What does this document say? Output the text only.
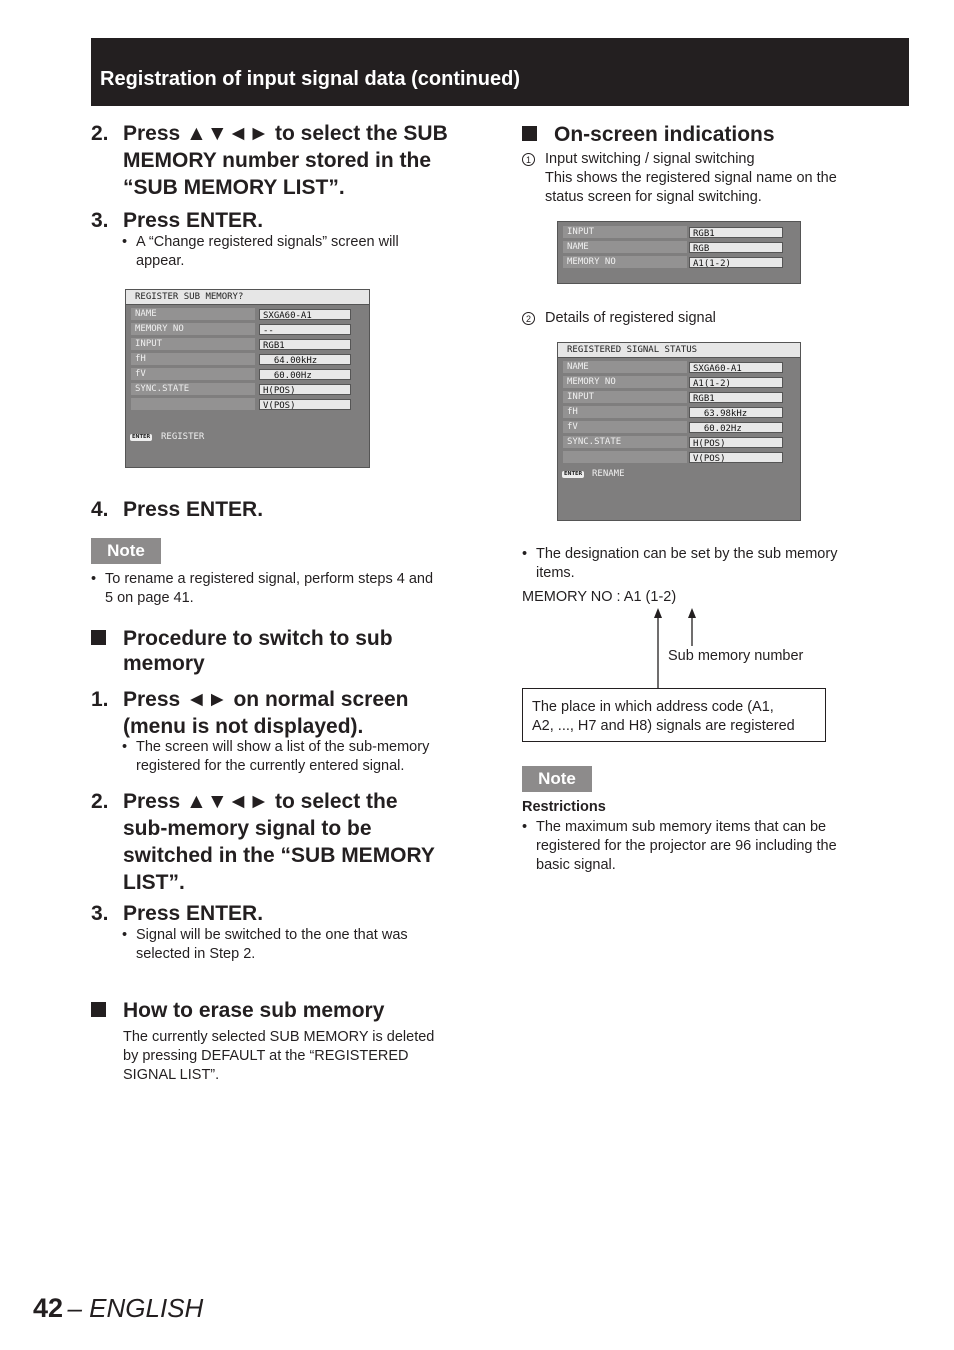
Registration of input signal data (continued)
2. Press ▲▼◄► to select the SUB
MEMORY number stored in the
“SUB MEMORY LIST”.
3. Press ENTER.
• A “Change registered signals” screen will
appear.
REGISTER SUB MEMORY?
NAME	SXGA60-A1
MEMORY NO	--
INPUT	RGB1
fH	64.00kHz
fV	60.00Hz
SYNC.STATE	H(POS)
V(POS)
ENTER REGISTER
4. Press ENTER.
Note
• To rename a registered signal, perform steps 4 and
5 on page 41.
Procedure to switch to sub
memory
1. Press ◄► on normal screen
(menu is not displayed).
• The screen will show a list of the sub-memory
registered for the currently entered signal.
2. Press ▲▼◄► to select the
sub-memory signal to be
switched in the “SUB MEMORY
LIST”.
3. Press ENTER.
• Signal will be switched to the one that was
selected in Step 2.
How to erase sub memory
The currently selected SUB MEMORY is deleted
by pressing DEFAULT at the “REGISTERED
SIGNAL LIST”.
On-screen indications
1 Input switching / signal switching
This shows the registered signal name on the
status screen for signal switching.
INPUT	RGB1
NAME	RGB
MEMORY NO	A1(1-2)
2 Details of registered signal
REGISTERED SIGNAL STATUS
NAME	SXGA60-A1
MEMORY NO	A1(1-2)
INPUT	RGB1
fH	63.98kHz
fV	60.02Hz
SYNC.STATE	H(POS)
V(POS)
ENTER RENAME
• The designation can be set by the sub memory
items.
MEMORY NO : A1 (1-2)
Sub memory number
The place in which address code (A1,
A2, ..., H7 and H8) signals are registered
Note
Restrictions
• The maximum sub memory items that can be
registered for the projector are 96 including the
basic signal.
42 – ENGLISH
